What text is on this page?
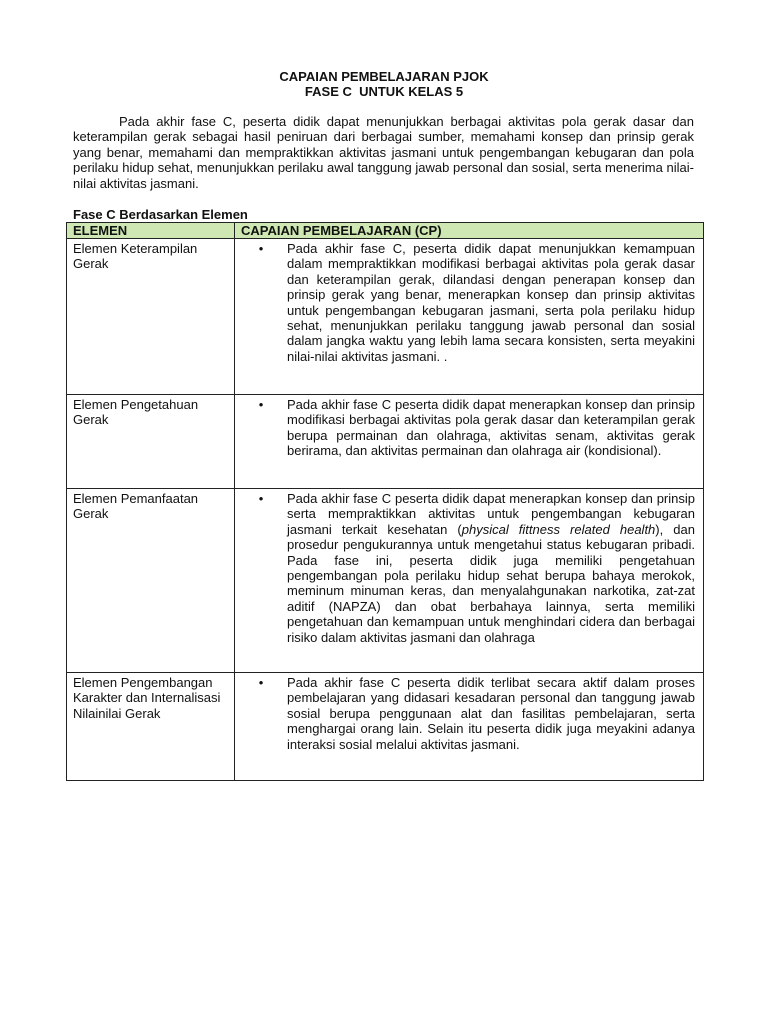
CAPAIAN PEMBELAJARAN PJOK
FASE C  UNTUK KELAS 5

Pada akhir fase C, peserta didik dapat menunjukkan berbagai aktivitas pola gerak dasar dan keterampilan gerak sebagai hasil peniruan dari berbagai sumber, memahami konsep dan prinsip gerak yang benar, memahami dan mempraktikkan aktivitas jasmani untuk pengembangan kebugaran dan pola perilaku hidup sehat, menunjukkan perilaku awal tanggung jawab personal dan sosial, serta menerima nilai-nilai aktivitas jasmani.

Fase C Berdasarkan Elemen
ELEMEN	CAPAIAN PEMBELAJARAN (CP)
Elemen Keterampilan Gerak	• Pada akhir fase C, peserta didik dapat menunjukkan kemampuan dalam mempraktikkan modifikasi berbagai aktivitas pola gerak dasar dan keterampilan gerak, dilandasi dengan penerapan konsep dan prinsip gerak yang benar, menerapkan konsep dan prinsip aktivitas untuk pengembangan kebugaran jasmani, serta pola perilaku hidup sehat, menunjukkan perilaku tanggung jawab personal dan sosial dalam jangka waktu yang lebih lama secara konsisten, serta meyakini nilai-nilai aktivitas jasmani. .

Elemen Pengetahuan Gerak	• Pada akhir fase C peserta didik dapat menerapkan konsep dan prinsip modifikasi berbagai aktivitas pola gerak dasar dan keterampilan gerak berupa permainan dan olahraga, aktivitas senam, aktivitas gerak berirama, dan aktivitas permainan dan olahraga air (kondisional).

Elemen Pemanfaatan Gerak	• Pada akhir fase C peserta didik dapat menerapkan konsep dan prinsip serta mempraktikkan aktivitas untuk pengembangan kebugaran jasmani terkait kesehatan (physical fittness related health), dan prosedur pengukurannya untuk mengetahui status kebugaran pribadi. Pada fase ini, peserta didik juga memiliki pengetahuan pengembangan pola perilaku hidup sehat berupa bahaya merokok, meminum minuman keras, dan menyalahgunakan narkotika, zat-zat aditif (NAPZA) dan obat berbahaya lainnya, serta memiliki pengetahuan dan kemampuan untuk menghindari cidera dan berbagai risiko dalam aktivitas jasmani dan olahraga

Elemen Pengembangan Karakter dan Internalisasi Nilainilai Gerak	• Pada akhir fase C peserta didik terlibat secara aktif dalam proses pembelajaran yang didasari kesadaran personal dan tanggung jawab sosial berupa penggunaan alat dan fasilitas pembelajaran, serta menghargai orang lain. Selain itu peserta didik juga meyakini adanya interaksi sosial melalui aktivitas jasmani.
